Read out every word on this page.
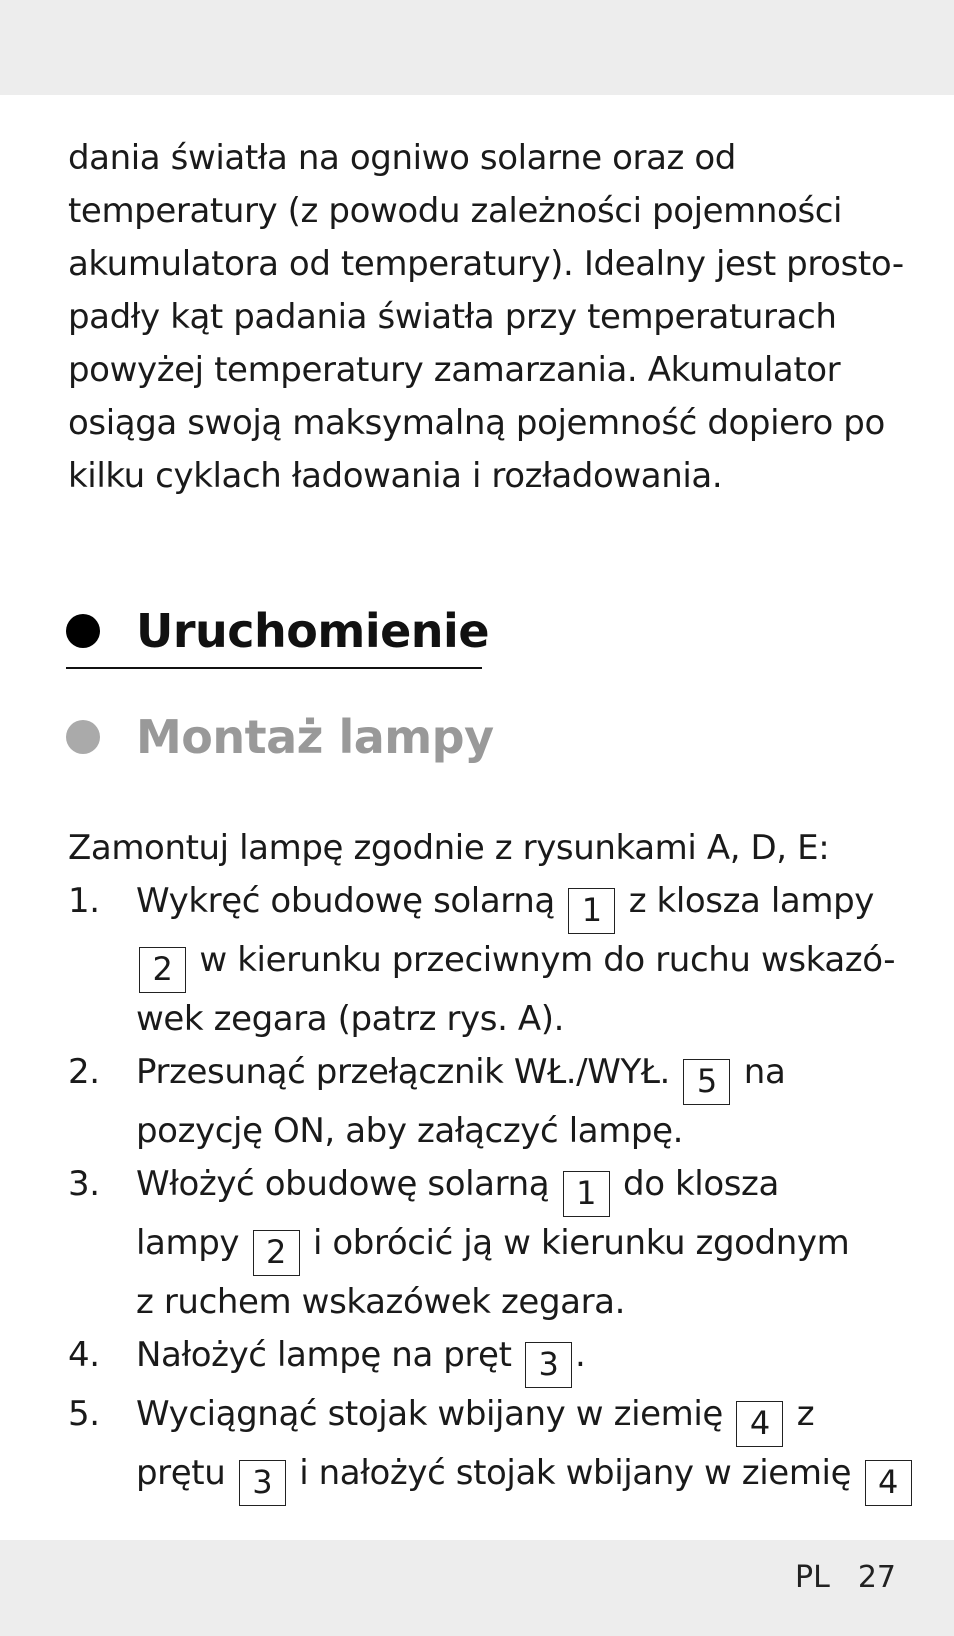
dania światła na ogniwo solarne oraz od
temperatury (z powodu zależności pojemności
akumulatora od temperatury). Idealny jest prosto-
padły kąt padania światła przy temperaturach
powyżej temperatury zamarzania. Akumulator
osiąga swoją maksymalną pojemność dopiero po
kilku cyklach ładowania i rozładowania.
Uruchomienie
Montaż lampy
Zamontuj lampę zgodnie z rysunkami A, D, E:
1.	Wykręć obudowę solarną 1 z klosza lampy
2 w kierunku przeciwnym do ruchu wskazó-
wek zegara (patrz rys. A).
2.	Przesunąć przełącznik WŁ./WYŁ. 5 na
pozycję ON, aby załączyć lampę.
3.	Włożyć obudowę solarną 1 do klosza
lampy 2 i obrócić ją w kierunku zgodnym
z ruchem wskazówek zegara.
4.	Nałożyć lampę na pręt 3 .
5.	Wyciągnąć stojak wbijany w ziemię 4 z
prętu 3 i nałożyć stojak wbijany w ziemię 4
PL 27
